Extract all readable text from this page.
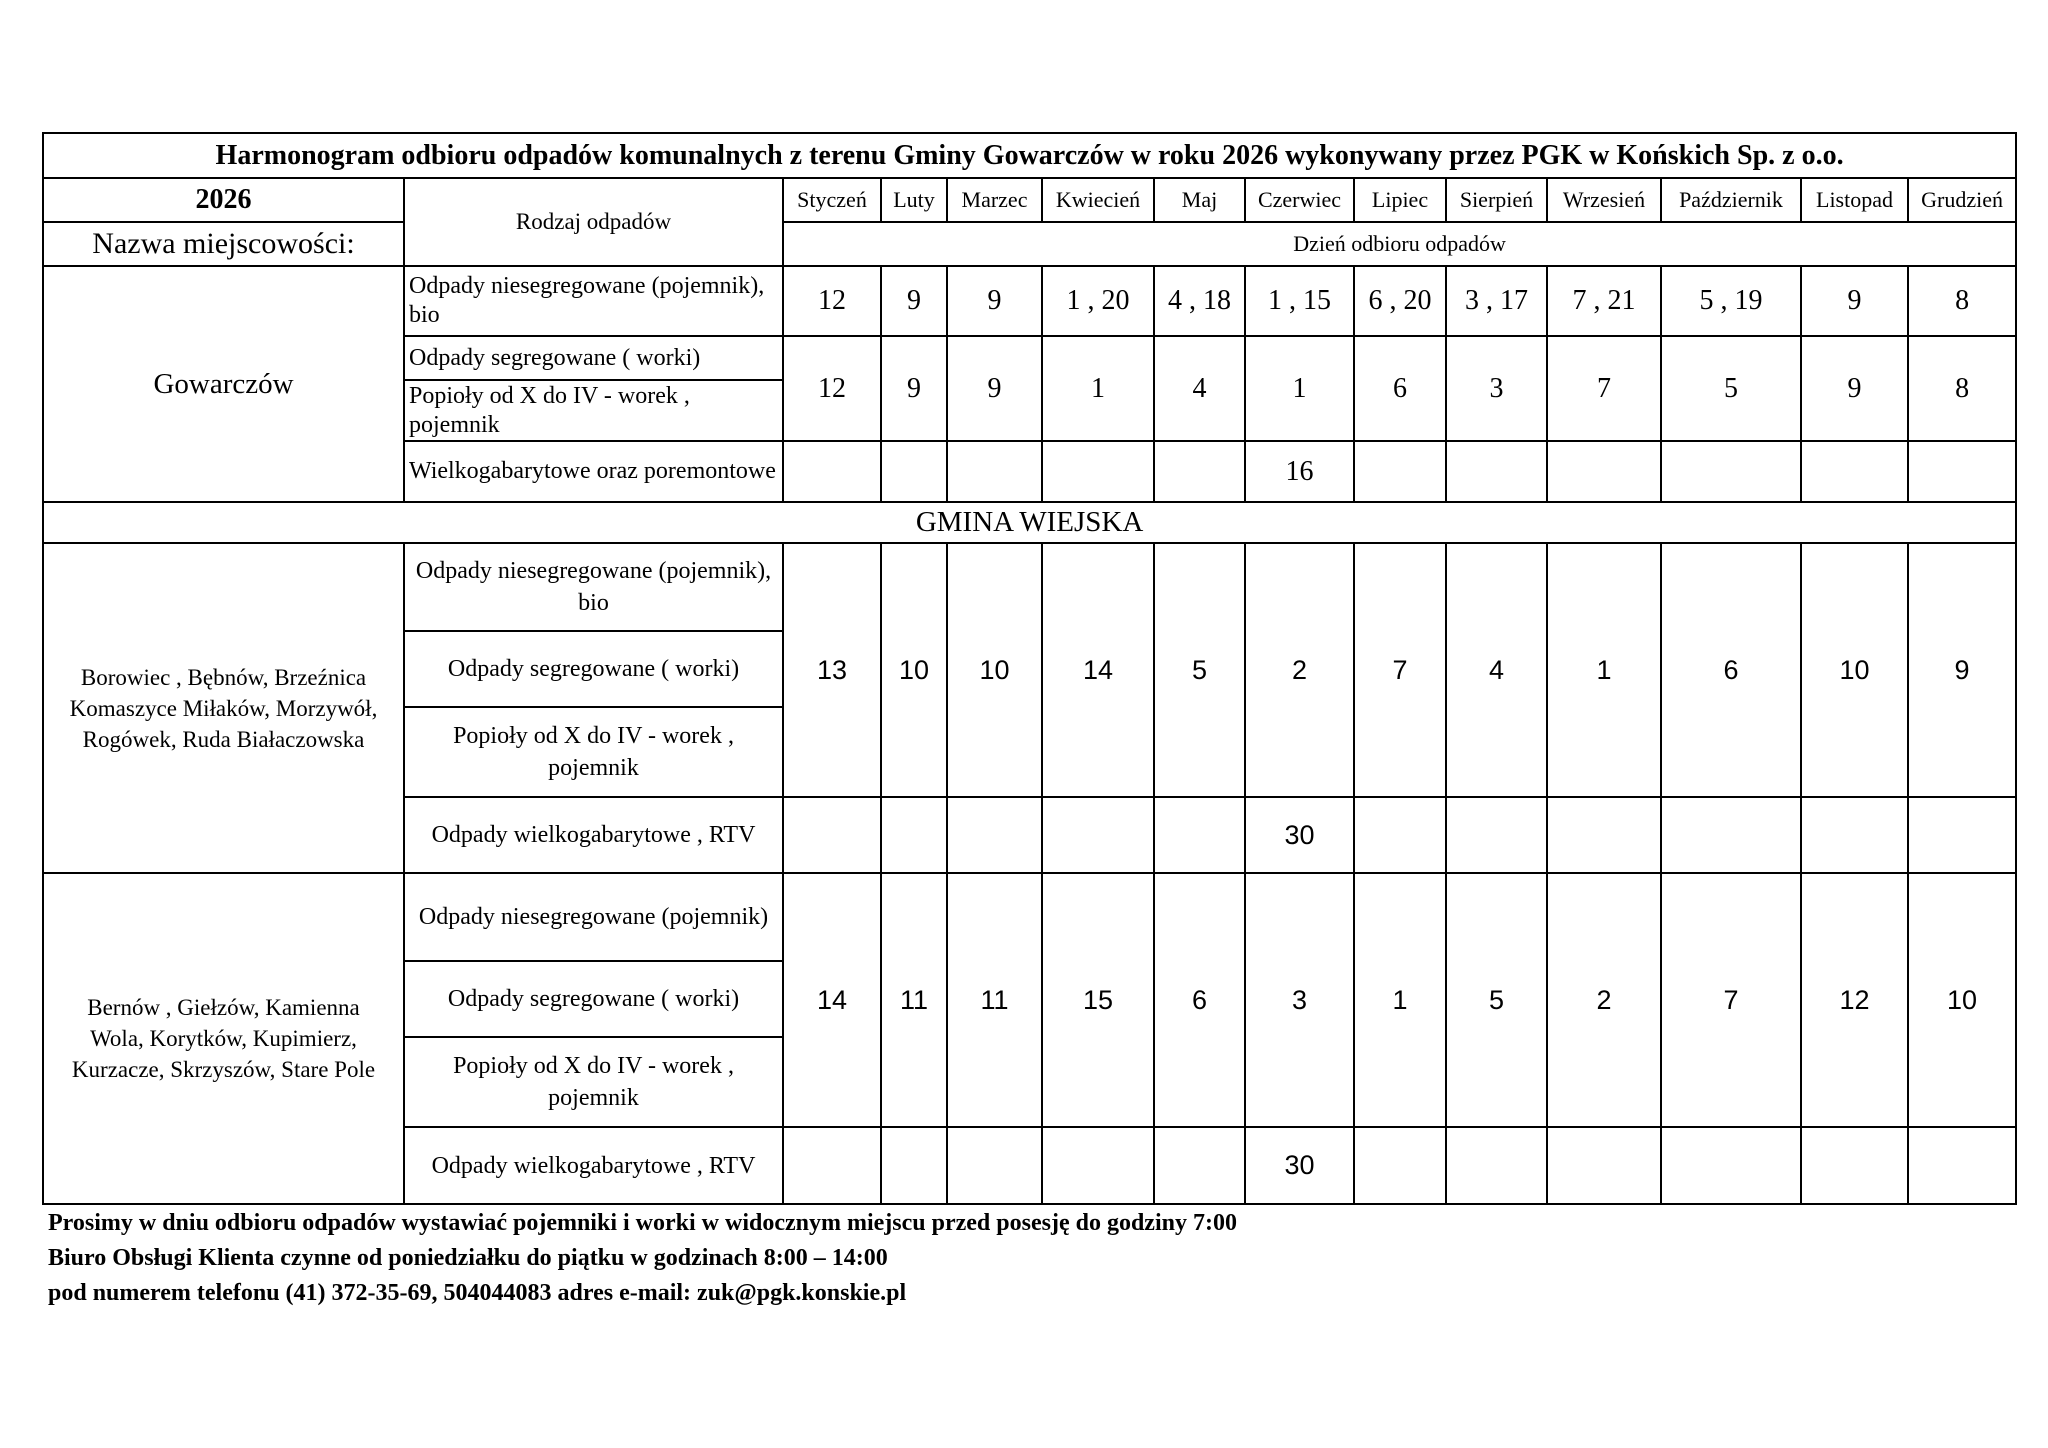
Harmonogram odbioru odpadów komunalnych z terenu Gminy Gowarczów w roku 2026 wykonywany przez PGK w Końskich Sp. z o.o.													
2026	Rodzaj odpadów	Styczeń	Luty	Marzec	Kwiecień	Maj	Czerwiec	Lipiec	Sierpień	Wrzesień	Październik	Listopad	Grudzień
Nazwa miejscowości:		Dzień odbioru odpadów											
Gowarczów	Odpady niesegregowane (pojemnik), bio	12	9	9	1 , 20	4 , 18	1 , 15	6 , 20	3 , 17	7 , 21	5 , 19	9	8
	Odpady segregowane ( worki)	12	9	9	1	4	1	6	3	7	5	9	8
	Popioły od X do IV - worek , pojemnik												
	Wielkogabarytowe oraz poremontowe						16						
GMINA WIEJSKA													

Borowiec , Bębnów, Brzeźnica
Komaszyce Miłaków, Morzywół,
Rogówek, Ruda Białaczowska	Odpady niesegregowane (pojemnik), bio	13	10	10	14	5	2	7	4	1	6	10	9
	Odpady segregowane ( worki)												
	Popioły od X do IV - worek , pojemnik												
	Odpady wielkogabarytowe , RTV						30						

Bernów , Giełzów, Kamienna
Wola, Korytków, Kupimierz,
Kurzacze, Skrzyszów, Stare Pole	Odpady niesegregowane (pojemnik)	14	11	11	15	6	3	1	5	2	7	12	10
	Odpady segregowane ( worki)												
	Popioły od X do IV - worek , pojemnik												
	Odpady wielkogabarytowe , RTV						30						
Prosimy w dniu odbioru odpadów wystawiać pojemniki i worki w widocznym miejscu przed posesję do godziny 7:00
Biuro Obsługi Klienta czynne od poniedziałku do piątku w godzinach 8:00 – 14:00
pod numerem telefonu (41) 372-35-69, 504044083 adres e-mail: zuk@pgk.konskie.pl
